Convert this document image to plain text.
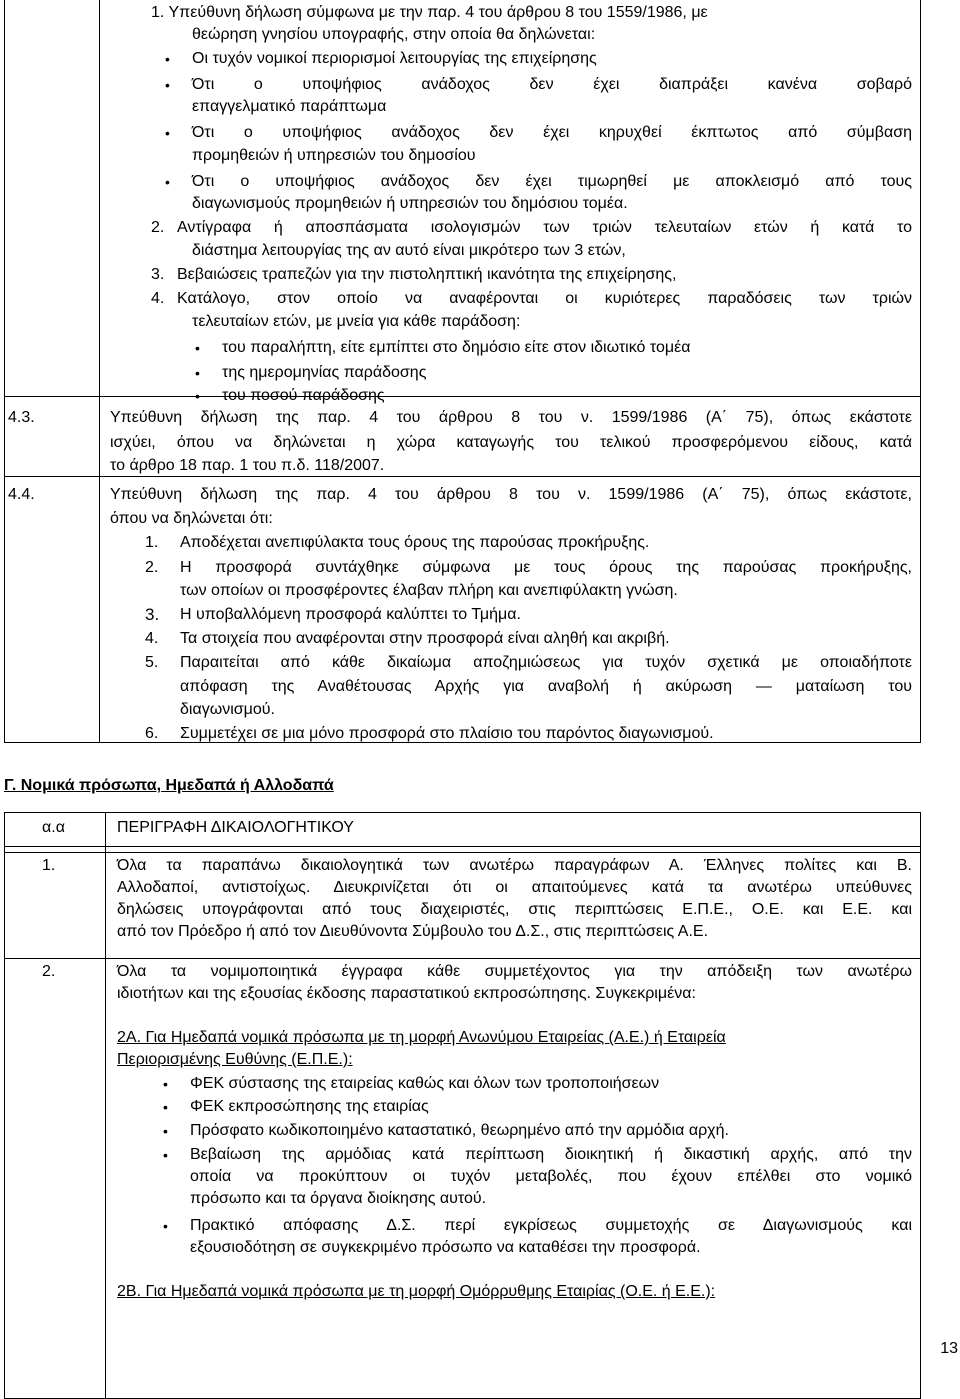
1. Υπεύθυνη δήλωση σύμφωνα με την παρ. 4 του άρθρου 8 του 1559/1986, με
θεώρηση γνησίου υπογραφής, στην οποία θα δηλώνεται:
• Οι τυχόν νομικοί περιορισμοί λειτουργίας της επιχείρησης
• Ότι ο υποψήφιος ανάδοχος δεν έχει διαπράξει κανένα σοβαρό
επαγγελματικό παράπτωμα
• Ότι ο υποψήφιος ανάδοχος δεν έχει κηρυχθεί έκπτωτος από σύμβαση
προμηθειών ή υπηρεσιών του δημοσίου
• Ότι ο υποψήφιος ανάδοχος δεν έχει τιμωρηθεί με αποκλεισμό από τους
διαγωνισμούς προμηθειών ή υπηρεσιών του δημόσιου τομέα.
2. Αντίγραφα ή αποσπάσματα ισολογισμών των τριών τελευταίων ετών ή κατά το
διάστημα λειτουργίας της αν αυτό είναι μικρότερο των 3 ετών,
3. Βεβαιώσεις τραπεζών για την πιστοληπτική ικανότητα της επιχείρησης,
4. Κατάλογο, στον οποίο να αναφέρονται οι κυριότερες παραδόσεις των τριών
τελευταίων ετών, με μνεία για κάθε παράδοση:
• του παραλήπτη, είτε εμπίπτει στο δημόσιο είτε στον ιδιωτικό τομέα
• της ημερομηνίας παράδοσης
• του ποσού παράδοσης
4.3.	Υπεύθυνη δήλωση της παρ. 4 του άρθρου 8 του ν. 1599/1986 (Α΄ 75), όπως εκάστοτε
ισχύει, όπου να δηλώνεται η χώρα καταγωγής του τελικού προσφερόμενου είδους, κατά
το άρθρο 18 παρ. 1 του π.δ. 118/2007.
4.4.	Υπεύθυνη δήλωση της παρ. 4 του άρθρου 8 του ν. 1599/1986 (Α΄ 75), όπως εκάστοτε,
όπου να δηλώνεται ότι:
1. Αποδέχεται ανεπιφύλακτα τους όρους της παρούσας προκήρυξης.
2. Η προσφορά συντάχθηκε σύμφωνα με τους όρους της παρούσας προκήρυξης,
των οποίων οι προσφέροντες έλαβαν πλήρη και ανεπιφύλακτη γνώση.
3. Η υποβαλλόμενη προσφορά καλύπτει το Τμήμα.
4. Τα στοιχεία που αναφέρονται στην προσφορά είναι αληθή και ακριβή.
5. Παραιτείται από κάθε δικαίωμα αποζημιώσεως για τυχόν σχετικά με οποιαδήποτε
απόφαση της Αναθέτουσας Αρχής για αναβολή ή ακύρωση — ματαίωση του
διαγωνισμού.
6. Συμμετέχει σε μια μόνο προσφορά στο πλαίσιο του παρόντος διαγωνισμού.
Γ. Νομικά πρόσωπα, Ημεδαπά ή Αλλοδαπά

α.α	ΠΕΡΙΓΡΑΦΗ ΔΙΚΑΙΟΛΟΓΗΤΙΚΟΥ
1.	Όλα τα παραπάνω δικαιολογητικά των ανωτέρω παραγράφων Α. Έλληνες πολίτες και Β.
Αλλοδαποί, αντιστοίχως. Διευκρινίζεται ότι οι απαιτούμενες κατά τα ανωτέρω υπεύθυνες
δηλώσεις υπογράφονται από τους διαχειριστές, στις περιπτώσεις Ε.Π.Ε., Ο.Ε. και Ε.Ε. και
από τον Πρόεδρο ή από τον Διευθύνοντα Σύμβουλο του Δ.Σ., στις περιπτώσεις Α.Ε.
2.	Όλα τα νομιμοποιητικά έγγραφα κάθε συμμετέχοντος για την απόδειξη των ανωτέρω
ιδιοτήτων και της εξουσίας έκδοσης παραστατικού εκπροσώπησης. Συγκεκριμένα:
2Α. Για Ημεδαπά νομικά πρόσωπα με τη μορφή Ανωνύμου Εταιρείας (Α.Ε.) ή Εταιρεία
Περιορισμένης Ευθύνης (Ε.Π.Ε.):
• ΦΕΚ σύστασης της εταιρείας καθώς και όλων των τροποποιήσεων
• ΦΕΚ εκπροσώπησης της εταιρίας
• Πρόσφατο κωδικοποιημένο καταστατικό, θεωρημένο από την αρμόδια αρχή.
• Βεβαίωση της αρμόδιας κατά περίπτωση διοικητική ή δικαστική αρχής, από την
οποία να προκύπτουν οι τυχόν μεταβολές, που έχουν επέλθει στο νομικό
πρόσωπο και τα όργανα διοίκησης αυτού.
• Πρακτικό απόφασης Δ.Σ. περί εγκρίσεως συμμετοχής σε Διαγωνισμούς και
εξουσιοδότηση σε συγκεκριμένο πρόσωπο να καταθέσει την προσφορά.
2Β. Για Ημεδαπά νομικά πρόσωπα με τη μορφή Ομόρρυθμης Εταιρίας (Ο.Ε. ή Ε.Ε.):
13
